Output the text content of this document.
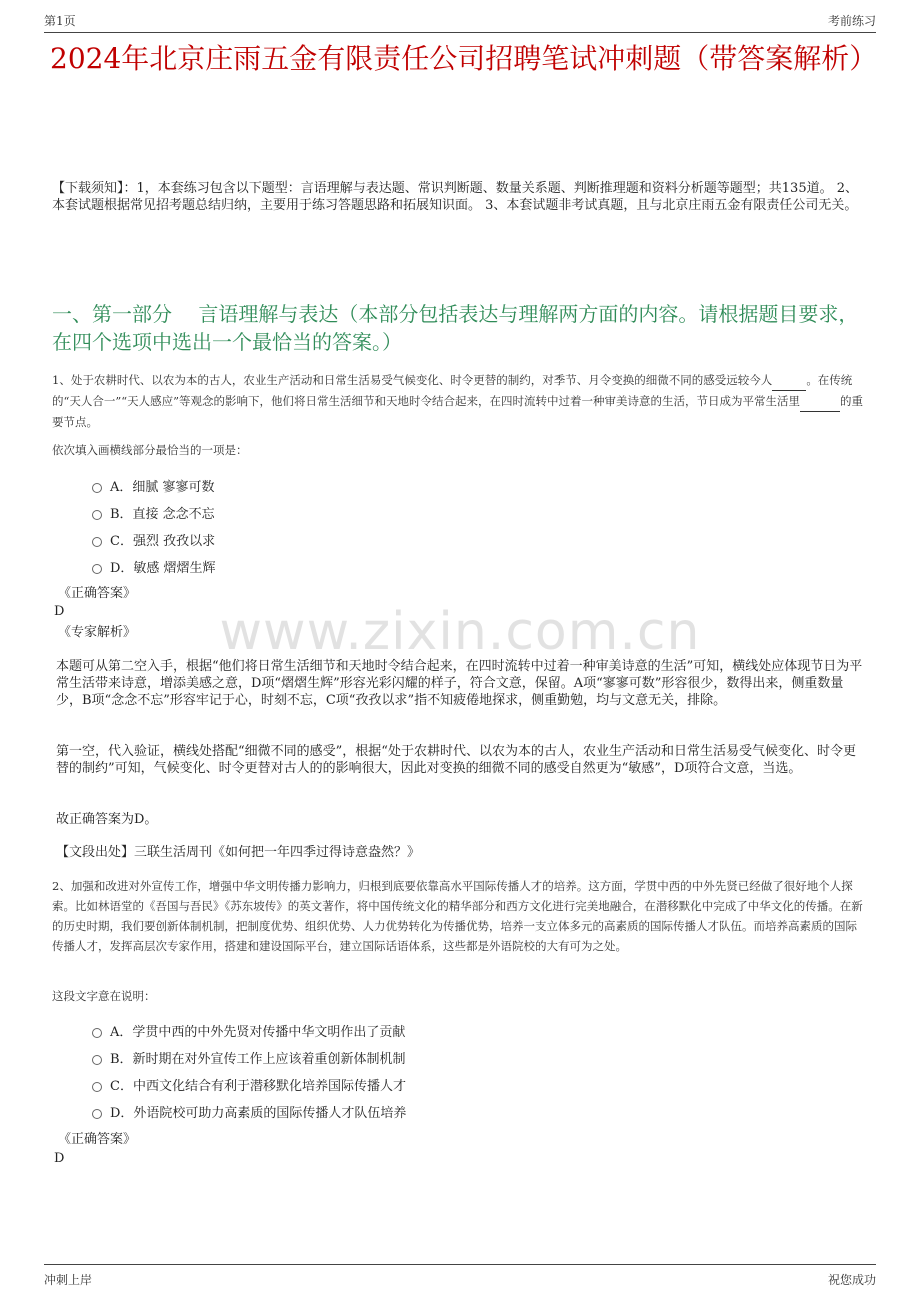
第1页	考前练习
2024年北京庄雨五金有限责任公司招聘笔试冲刺题（带答案解析）
【下载须知】：1，本套练习包含以下题型：言语理解与表达题、常识判断题、数量关系题、判断推理题和资料分析题等题型；共135道。 2、本套试题根据常见招考题总结归纳，主要用于练习答题思路和拓展知识面。 3、本套试题非考试真题，且与北京庄雨五金有限责任公司无关。
一、第一部分　 言语理解与表达（本部分包括表达与理解两方面的内容。请根据题目要求，在四个选项中选出一个最恰当的答案。）
1、处于农耕时代、以农为本的古人，农业生产活动和日常生活易受气候变化、时令更替的制约，对季节、月令变换的细微不同的感受远较今人	。在传统的“天人合一”“天人感应”等观念的影响下，他们将日常生活细节和天地时令结合起来，在四时流转中过着一种审美诗意的生活，节日成为平常生活里	的重要节点。
依次填入画横线部分最恰当的一项是：
A．细腻 寥寥可数
B．直接 念念不忘
C．强烈 孜孜以求
D．敏感 熠熠生辉
《正确答案》
D
《专家解析》	www.zixin.com.cn
本题可从第二空入手，根据“他们将日常生活细节和天地时令结合起来，在四时流转中过着一种审美诗意的生活”可知，横线处应体现节日为平常生活带来诗意，增添美感之意，D项“熠熠生辉”形容光彩闪耀的样子，符合文意，保留。A项“寥寥可数”形容很少，数得出来，侧重数量少，B项“念念不忘”形容牢记于心，时刻不忘，C项“孜孜以求”指不知疲倦地探求，侧重勤勉，均与文意无关，排除。
第一空，代入验证，横线处搭配“细微不同的感受”，根据“处于农耕时代、以农为本的古人，农业生产活动和日常生活易受气候变化、时令更替的制约”可知，气候变化、时令更替对古人的的影响很大，因此对变换的细微不同的感受自然更为“敏感”，D项符合文意，当选。
故正确答案为D。
【文段出处】三联生活周刊《如何把一年四季过得诗意盎然？》
2、加强和改进对外宣传工作，增强中华文明传播力影响力，归根到底要依靠高水平国际传播人才的培养。这方面，学贯中西的中外先贤已经做了很好地个人探索。比如林语堂的《吾国与吾民》《苏东坡传》的英文著作，将中国传统文化的精华部分和西方文化进行完美地融合，在潜移默化中完成了中华文化的传播。在新的历史时期，我们要创新体制机制，把制度优势、组织优势、人力优势转化为传播优势，培养一支立体多元的高素质的国际传播人才队伍。而培养高素质的国际传播人才，发挥高层次专家作用，搭建和建设国际平台，建立国际话语体系，这些都是外语院校的大有可为之处。
这段文字意在说明：
A．学贯中西的中外先贤对传播中华文明作出了贡献
B．新时期在对外宣传工作上应该着重创新体制机制
C．中西文化结合有利于潜移默化培养国际传播人才
D．外语院校可助力高素质的国际传播人才队伍培养
《正确答案》
D
冲刺上岸	祝您成功
